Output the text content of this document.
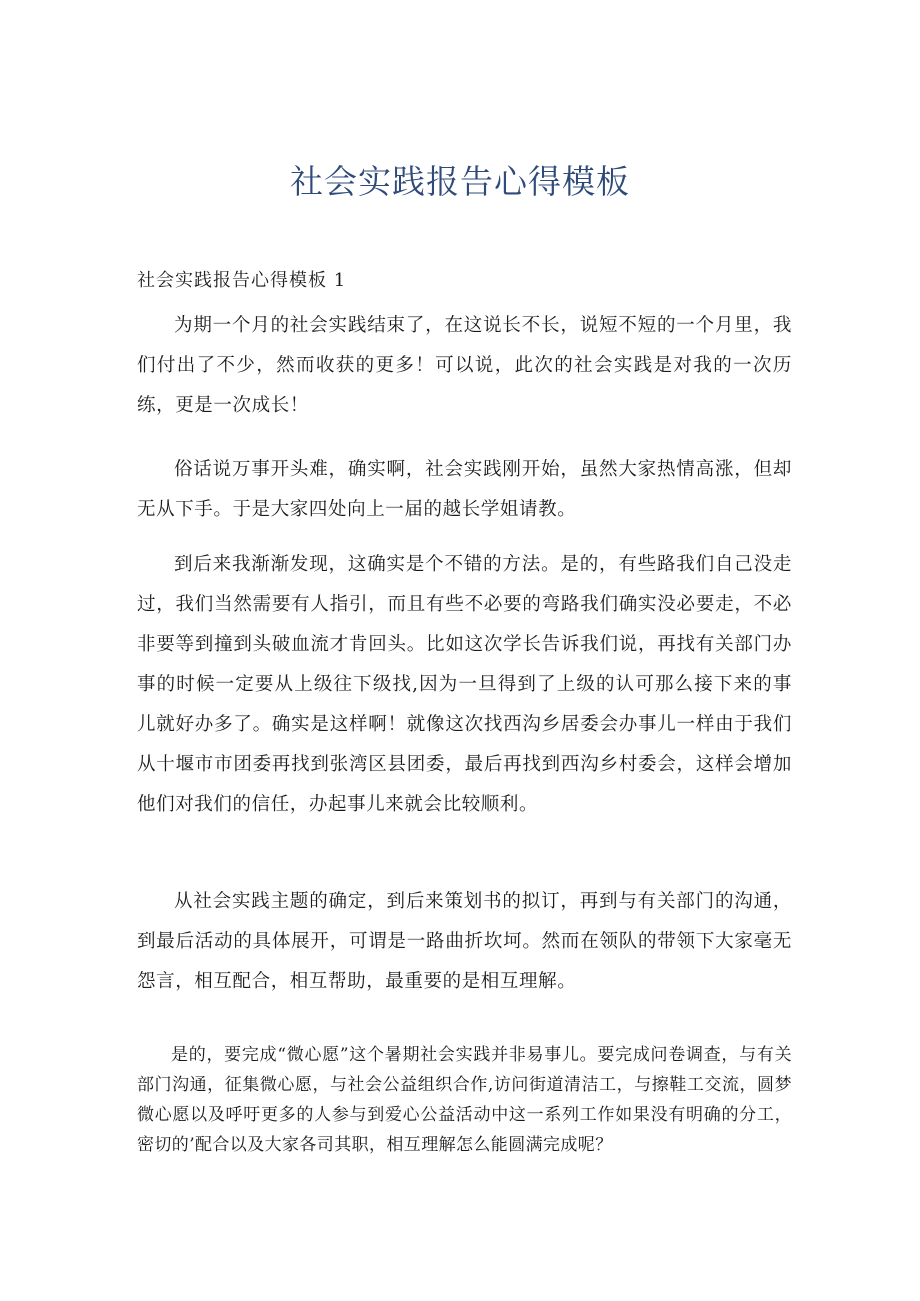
社会实践报告心得模板
社会实践报告心得模板 1

为期一个月的社会实践结束了，在这说长不长，说短不短的一个月里，我们付出了不少，然而收获的更多！可以说，此次的社会实践是对我的一次历练，更是一次成长！

俗话说万事开头难，确实啊，社会实践刚开始，虽然大家热情高涨，但却无从下手。于是大家四处向上一届的越长学姐请教。

到后来我渐渐发现，这确实是个不错的方法。是的，有些路我们自己没走过，我们当然需要有人指引，而且有些不必要的弯路我们确实没必要走，不必非要等到撞到头破血流才肯回头。比如这次学长告诉我们说，再找有关部门办事的时候一定要从上级往下级找,因为一旦得到了上级的认可那么接下来的事儿就好办多了。确实是这样啊！就像这次找西沟乡居委会办事儿一样由于我们从十堰市市团委再找到张湾区县团委，最后再找到西沟乡村委会，这样会增加他们对我们的信任，办起事儿来就会比较顺利。

从社会实践主题的确定，到后来策划书的拟订，再到与有关部门的沟通，到最后活动的具体展开，可谓是一路曲折坎坷。然而在领队的带领下大家毫无怨言，相互配合，相互帮助，最重要的是相互理解。

是的，要完成“微心愿”这个暑期社会实践并非易事儿。要完成问卷调查，与有关部门沟通，征集微心愿，与社会公益组织合作,访问街道清洁工，与擦鞋工交流，圆梦微心愿以及呼吁更多的人参与到爱心公益活动中这一系列工作如果没有明确的分工，密切的’配合以及大家各司其职，相互理解怎么能圆满完成呢？
